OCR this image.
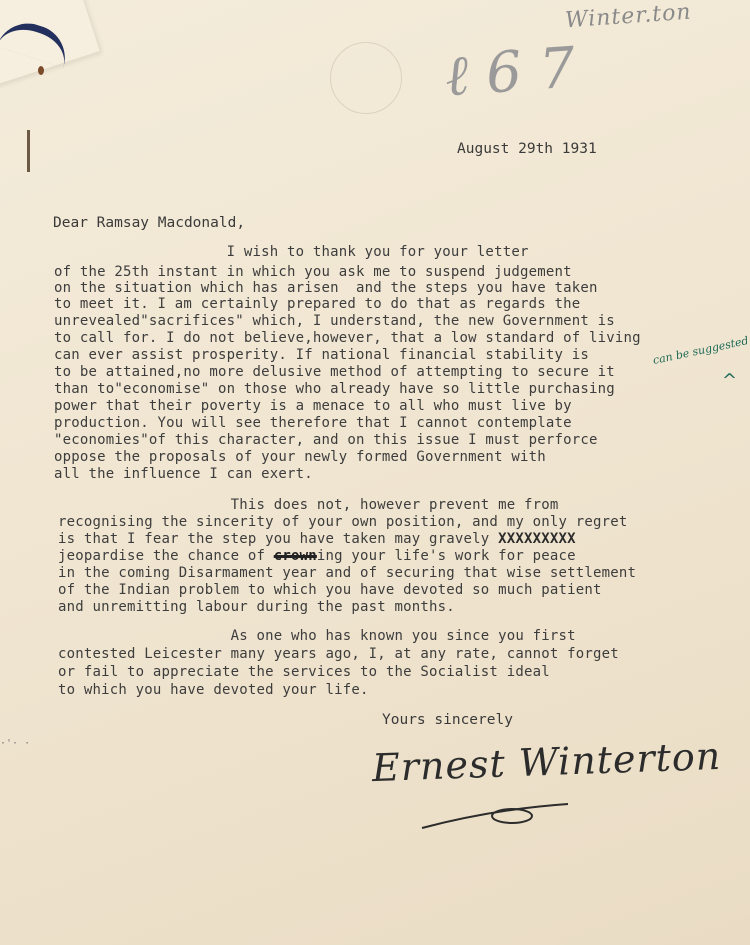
Winter.ton
ℓ 6 7
August 29th 1931
Dear Ramsay Macdonald,
I wish to thank you for your letter
of the 25th instant in which you ask me to suspend judgement
on the situation which has arisen  and the steps you have taken
to meet it. I am certainly prepared to do that as regards the
unrevealed"sacrifices" which, I understand, the new Government is
to call for. I do not believe,however, that a low standard of living
can ever assist prosperity. If national financial stability is
to be attained,no more delusive method of attempting to secure it
than to"economise" on those who already have so little purchasing
power that their poverty is a menace to all who must live by
production. You will see therefore that I cannot contemplate
"economies"of this character, and on this issue I must perforce
oppose the proposals of your newly formed Government with
all the influence I can exert.
can be suggested
^
This does not, however prevent me from
recognising the sincerity of your own position, and my only regret
is that I fear the step you have taken may gravely XXXXXXXXX
jeopardise the chance of crowning your life's work for peace
in the coming Disarmament year and of securing that wise settlement
of the Indian problem to which you have devoted so much patient
and unremitting labour during the past months.
As one who has known you since you first
contested Leicester many years ago, I, at any rate, cannot forget
or fail to appreciate the services to the Socialist ideal
to which you have devoted your life.
Yours sincerely
Ernest Winterton
·'· ·
